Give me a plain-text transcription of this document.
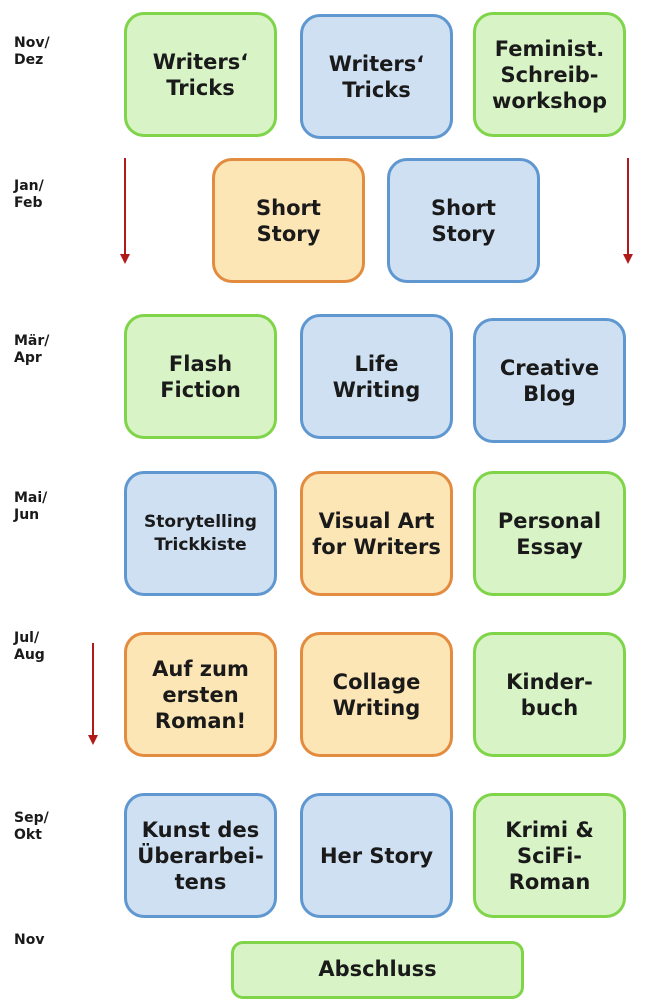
Nov/
Dez
Jan/
Feb
Mär/
Apr
Mai/
Jun
Jul/
Aug
Sep/
Okt
Nov
Writers‘
Tricks
Writers‘
Tricks
Feminist.
Schreib-
workshop
Short
Story
Short
Story
Flash
Fiction
Life
Writing
Creative
Blog
Storytelling
Trickkiste
Visual Art
for Writers
Personal
Essay
Auf zum
ersten
Roman!
Collage
Writing
Kinder-
buch
Kunst des
Überarbei-
tens
Her Story
Krimi &
SciFi-
Roman
Abschluss
